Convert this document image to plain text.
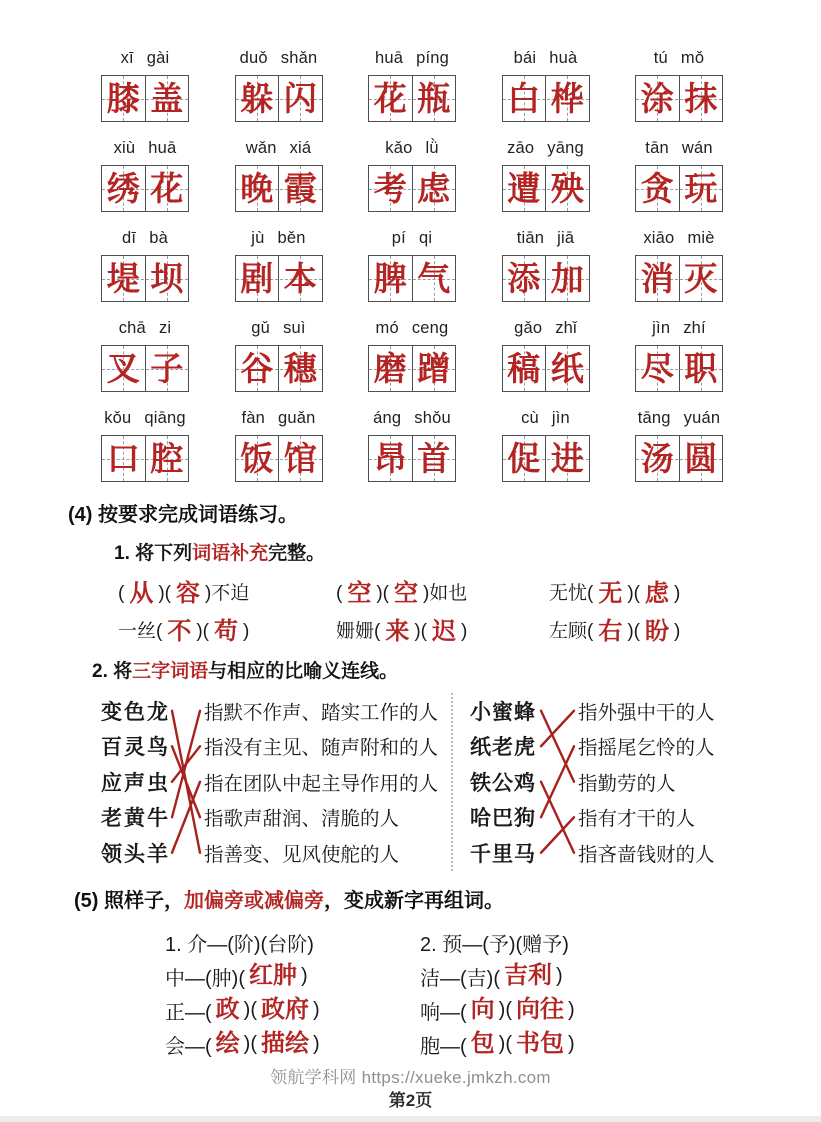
xī gài
膝 盖
duǒ shǎn
躲 闪
huā píng
花 瓶
bái huà
白 桦
tú mǒ
涂 抹
xiù huā
绣 花
wǎn xiá
晚 霞
kǎo lǜ
考 虑
zāo yāng
遭 殃
tān wán
贪 玩
dī bà
堤 坝
jù běn
剧 本
pí qi
脾 气
tiān jiā
添 加
xiāo miè
消 灭
chā zi
叉 子
gǔ suì
谷 穗
mó ceng
磨 蹭
gǎo zhǐ
稿 纸
jìn zhí
尽 职
kǒu qiāng
口 腔
fàn guǎn
饭 馆
áng shǒu
昂 首
cù jìn
促 进
tāng yuán
汤 圆
(4) 按要求完成词语练习。
1. 将下列词语补充完整。
( 从 )( 容 )不迫	( 空 )( 空 )如也	无忧( 无 )( 虑 )
一丝( 不 )( 苟 )	姗姗( 来 )( 迟 )	左顾( 右 )( 盼 )
2. 将三字词语与相应的比喻义连线。
变色龙	指默不作声、踏实工作的人
百灵鸟	指没有主见、随声附和的人
应声虫	指在团队中起主导作用的人
老黄牛	指歌声甜润、清脆的人
领头羊	指善变、见风使舵的人
小蜜蜂	指外强中干的人
纸老虎	指摇尾乞怜的人
铁公鸡	指勤劳的人
哈巴狗	指有才干的人
千里马	指吝啬钱财的人
(5) 照样子，加偏旁或减偏旁，变成新字再组词。
1. 介—(阶)(台阶)
中—(肿)( 红肿 )
正—( 政 )( 政府 )
会—( 绘 )( 描绘 )
2. 预—(予)(赠予)
洁—(吉)( 吉利 )
响—( 向 )( 向往 )
胞—( 包 )( 书包 )
领航学科网 https://xueke.jmkzh.com
第2页
